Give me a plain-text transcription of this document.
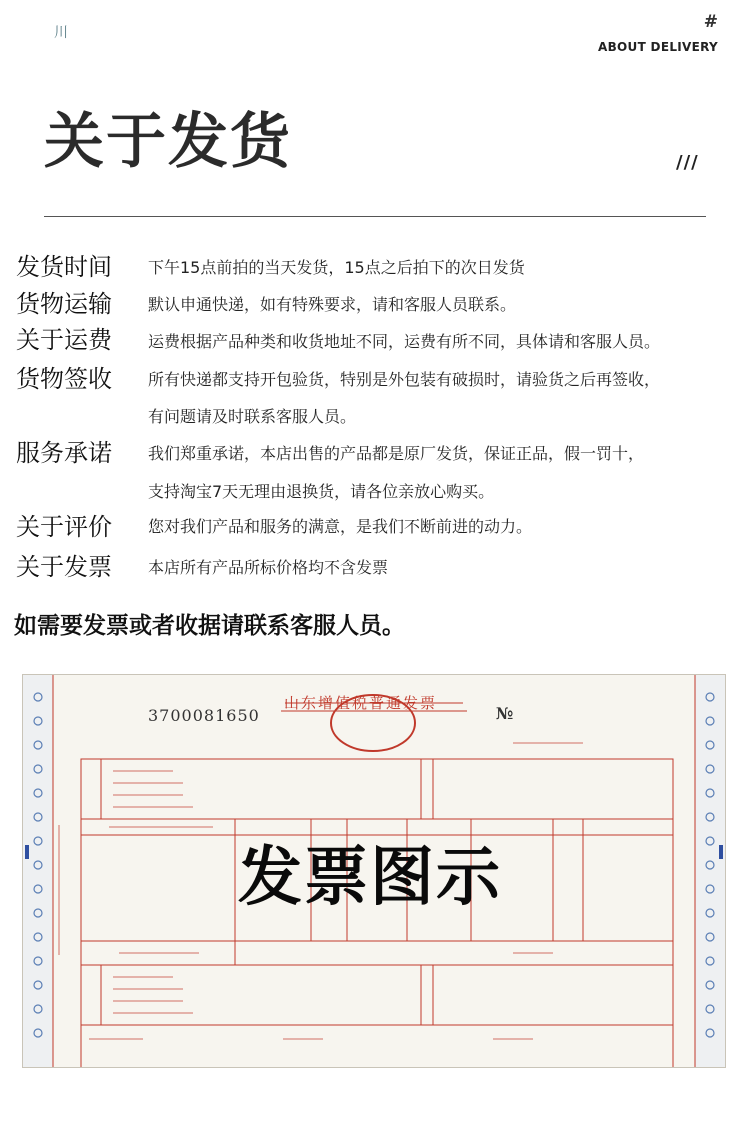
川
#
ABOUT DELIVERY
关于发货	///
发货时间 下午15点前拍的当天发货，15点之后拍下的次日发货
货物运输 默认申通快递，如有特殊要求，请和客服人员联系。
关于运费 运费根据产品种类和收货地址不同，运费有所不同，具体请和客服人员。
货物签收 所有快递都支持开包验货，特别是外包装有破损时，请验货之后再签收，
有问题请及时联系客服人员。
服务承诺 我们郑重承诺，本店出售的产品都是原厂发货，保证正品，假一罚十，
支持淘宝7天无理由退换货，请各位亲放心购买。
关于评价 您对我们产品和服务的满意，是我们不断前进的动力。
关于发票 本店所有产品所标价格均不含发票
如需要发票或者收据请联系客服人员。
山东增值税普通发票
3700081650	№
发票图示
